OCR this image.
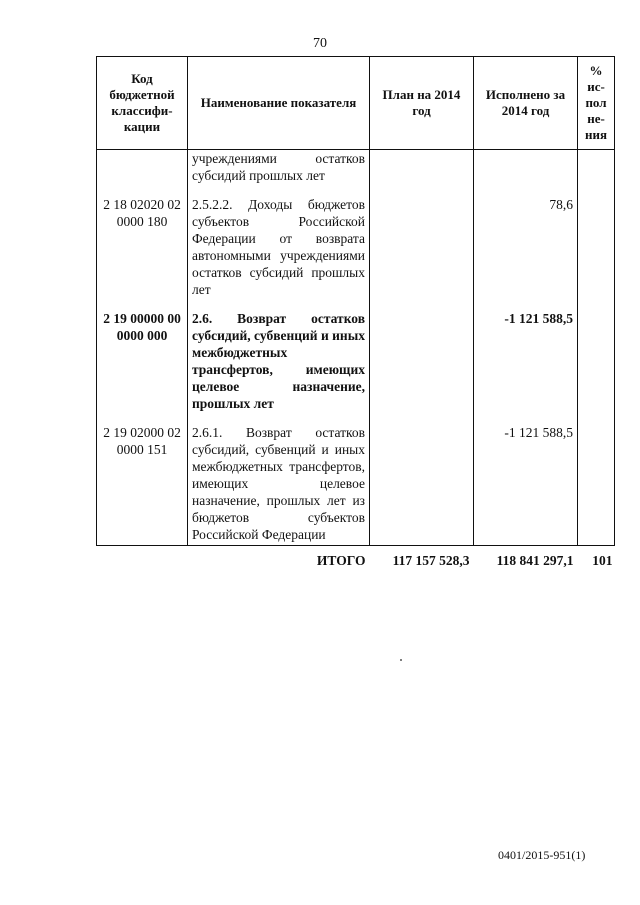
70
Код бюджетной классифи-кации	Наименование показателя	План на 2014 год	Исполнено за 2014 год	% ис-пол не-ния
	учреждениями остатков субсидий прошлых лет			
2 18 02020 02 0000 180	2.5.2.2. Доходы бюджетов субъектов Российской Федерации от возврата автономными учреждениями остатков субсидий прошлых лет		78,6	
2 19 00000 00 0000 000	2.6. Возврат остатков субсидий, субвенций и иных межбюджетных трансфертов, имеющих целевое назначение, прошлых лет		-1 121 588,5	
2 19 02000 02 0000 151	2.6.1. Возврат остатков субсидий, субвенций и иных межбюджетных трансфертов, имеющих целевое назначение, прошлых лет из бюджетов субъектов Российской Федерации		-1 121 588,5	
	ИТОГО	117 157 528,3	118 841 297,1	101
0401/2015-951(1)
